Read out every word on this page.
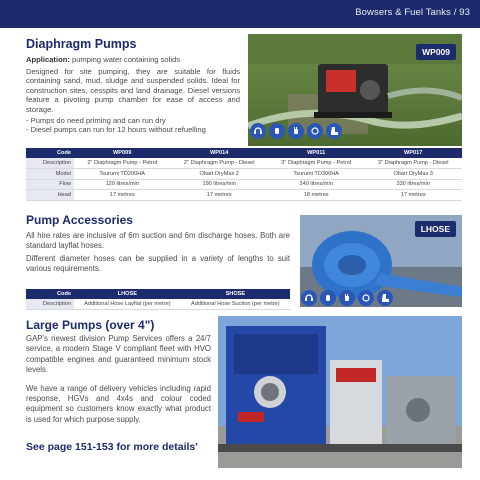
Bowsers & Fuel Tanks / 93
Diaphragm Pumps
Application: pumping water containing solids
Designed for site pumping, they are suitable for fluids containing sand, mud, sludge and suspended solids. Ideal for construction sites, cesspits and land drainage. Diesel versions feature a pivoting pump chamber for ease of access and storage.
- Pumps do need priming and can run dry
- Diesel pumps can run for 12 hours without refuelling
WP009
Code	WP009	WP014	WP011	WP017
Description	2" Diaphragm Pump - Petrol	2" Diaphragm Pump - Diesel	3" Diaphragm Pump - Petrol	3" Diaphragm Pump - Diesel
Model	Tsurumi TD200HA	Obart DryMax 2	Tsurumi TD300HA	Obart DryMax 3
Flow	120 litres/min	190 litres/min	240 litres/min	330 litres/min
Head	17 metres	17 metres	18 metres	17 metres
Pump Accessories
All hire rates are inclusive of 6m suction and 6m discharge hoses. Both are standard layflat hoses.
Different diameter hoses can be supplied in a variety of lengths to suit various requirements.
LHOSE
Code	LHOSE	SHOSE
Description	Additional Hose Layflat (per metre)	Additional Hose Suction (per metre)
Large Pumps (over 4")
GAP's newest division Pump Services offers a 24/7 service, a modern Stage V compliant fleet with HVO compatible engines and guaranteed minimum stock levels.
We have a range of delivery vehicles including rapid response, HGVs and 4x4s and colour coded equipment so customers know exactly what product is used for which purpose supply.
See page 151-153 for more details'
